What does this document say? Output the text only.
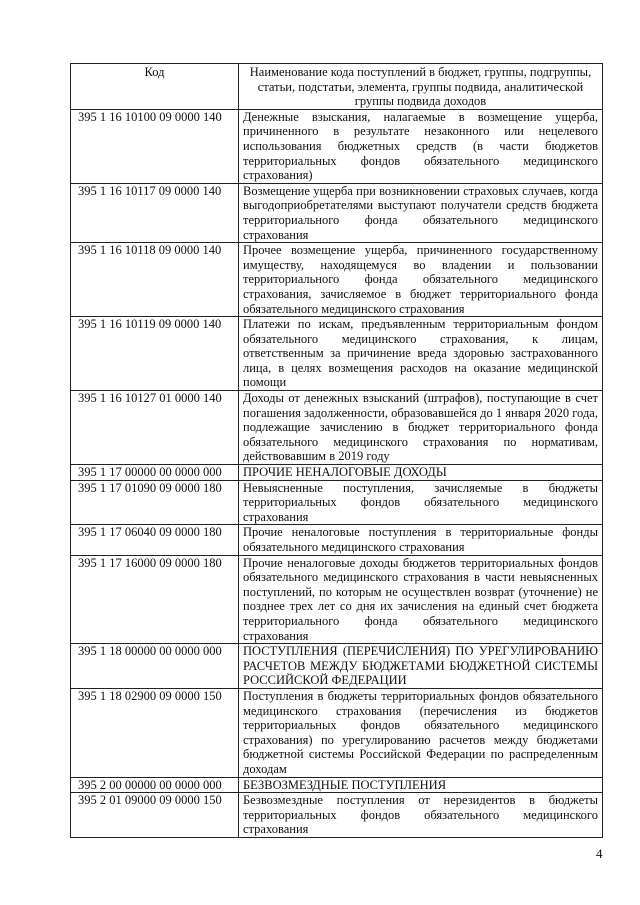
Код	Наименование кода поступлений в бюджет, группы, подгруппы, статьи, подстатьи, элемента, группы подвида, аналитической группы подвида доходов
395 1 16 10100 09 0000 140	Денежные взыскания, налагаемые в возмещение ущерба, причиненного в результате незаконного или нецелевого использования бюджетных средств (в части бюджетов территориальных фондов обязательного медицинского страхования)
395 1 16 10117 09 0000 140	Возмещение ущерба при возникновении страховых случаев, когда выгодоприобретателями выступают получатели средств бюджета территориального фонда обязательного медицинского страхования
395 1 16 10118 09 0000 140	Прочее возмещение ущерба, причиненного государственному имуществу, находящемуся во владении и пользовании территориального фонда обязательного медицинского страхования, зачисляемое в бюджет территориального фонда обязательного медицинского страхования
395 1 16 10119 09 0000 140	Платежи по искам, предъявленным территориальным фондом обязательного медицинского страхования, к лицам, ответственным за причинение вреда здоровью застрахованного лица, в целях возмещения расходов на оказание медицинской помощи
395 1 16 10127 01 0000 140	Доходы от денежных взысканий (штрафов), поступающие в счет погашения задолженности, образовавшейся до 1 января 2020 года, подлежащие зачислению в бюджет территориального фонда обязательного медицинского страхования по нормативам, действовавшим в 2019 году
395 1 17 00000 00 0000 000	ПРОЧИЕ НЕНАЛОГОВЫЕ ДОХОДЫ
395 1 17 01090 09 0000 180	Невыясненные поступления, зачисляемые в бюджеты территориальных фондов обязательного медицинского страхования
395 1 17 06040 09 0000 180	Прочие неналоговые поступления в территориальные фонды обязательного медицинского страхования
395 1 17 16000 09 0000 180	Прочие неналоговые доходы бюджетов территориальных фондов обязательного медицинского страхования в части невыясненных поступлений, по которым не осуществлен возврат (уточнение) не позднее трех лет со дня их зачисления на единый счет бюджета территориального фонда обязательного медицинского страхования
395 1 18 00000 00 0000 000	ПОСТУПЛЕНИЯ (ПЕРЕЧИСЛЕНИЯ) ПО УРЕГУЛИРОВАНИЮ РАСЧЕТОВ МЕЖДУ БЮДЖЕТАМИ БЮДЖЕТНОЙ СИСТЕМЫ РОССИЙСКОЙ ФЕДЕРАЦИИ
395 1 18 02900 09 0000 150	Поступления в бюджеты территориальных фондов обязательного медицинского страхования (перечисления из бюджетов территориальных фондов обязательного медицинского страхования) по урегулированию расчетов между бюджетами бюджетной системы Российской Федерации по распределенным доходам
395 2 00 00000 00 0000 000	БЕЗВОЗМЕЗДНЫЕ ПОСТУПЛЕНИЯ
395 2 01 09000 09 0000 150	Безвозмездные поступления от нерезидентов в бюджеты территориальных фондов обязательного медицинского страхования
4
